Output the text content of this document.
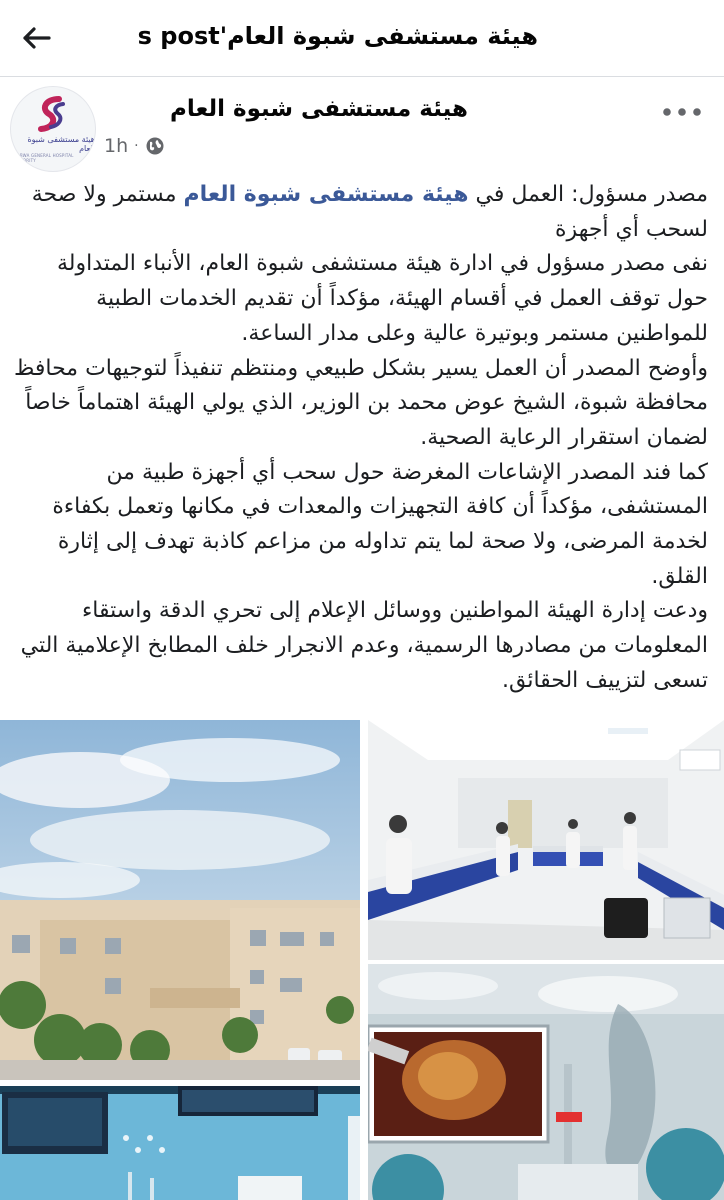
هيئة مستشفى شبوة العام's post
هيئة مستشفى شبوة العام
SHABWA GENERAL HOSPITAL AUTHORITY
هيئة مستشفى شبوة العام
1h ·

مصدر مسؤول: العمل في هيئة مستشفى شبوة العام مستمر ولا صحة لسحب أي أجهزة

نفى مصدر مسؤول في ادارة هيئة مستشفى شبوة العام، الأنباء المتداولة حول توقف العمل في أقسام الهيئة، مؤكداً أن تقديم الخدمات الطبية للمواطنين مستمر وبوتيرة عالية وعلى مدار الساعة.

وأوضح المصدر أن العمل يسير بشكل طبيعي ومنتظم تنفيذاً لتوجيهات محافظ محافظة شبوة، الشيخ عوض محمد بن الوزير، الذي يولي الهيئة اهتماماً خاصاً لضمان استقرار الرعاية الصحية.

كما فند المصدر الإشاعات المغرضة حول سحب أي أجهزة طبية من المستشفى، مؤكداً أن كافة التجهيزات والمعدات في مكانها وتعمل بكفاءة لخدمة المرضى، ولا صحة لما يتم تداوله من مزاعم كاذبة تهدف إلى إثارة القلق.

ودعت إدارة الهيئة المواطنين ووسائل الإعلام إلى تحري الدقة واستقاء المعلومات من مصادرها الرسمية، وعدم الانجرار خلف المطابخ الإعلامية التي تسعى لتزييف الحقائق.
